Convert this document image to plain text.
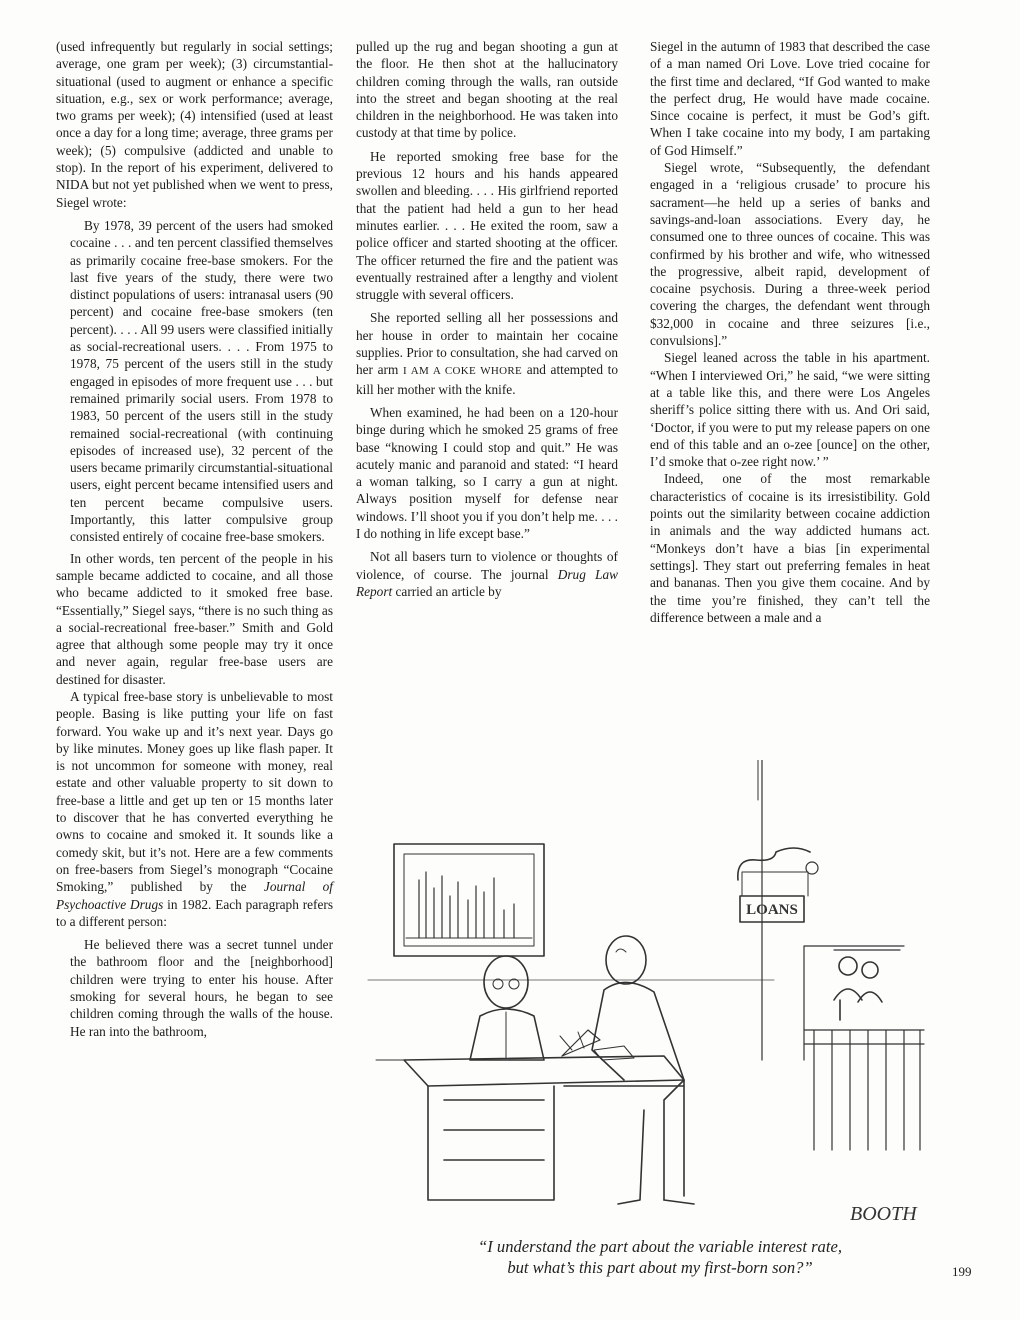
(used infrequently but regularly in social settings; average, one gram per week); (3) circumstantial-situational (used to augment or enhance a specific situation, e.g., sex or work performance; average, two grams per week); (4) intensified (used at least once a day for a long time; average, three grams per week); (5) compulsive (addicted and unable to stop). In the report of his experiment, delivered to NIDA but not yet published when we went to press, Siegel wrote:

By 1978, 39 percent of the users had smoked cocaine . . . and ten percent classified themselves as primarily cocaine free-base smokers. For the last five years of the study, there were two distinct populations of users: intranasal users (90 percent) and cocaine free-base smokers (ten percent). . . . All 99 users were classified initially as social-recreational users. . . . From 1975 to 1978, 75 percent of the users still in the study engaged in episodes of more frequent use . . . but remained primarily social users. From 1978 to 1983, 50 percent of the users still in the study remained social-recreational (with continuing episodes of increased use), 32 percent of the users became primarily circumstantial-situational users, eight percent became intensified users and ten percent became compulsive users. Importantly, this latter compulsive group consisted entirely of cocaine free-base smokers.

In other words, ten percent of the people in his sample became addicted to cocaine, and all those who became addicted to it smoked free base. “Essentially,” Siegel says, “there is no such thing as a social-recreational free-baser.” Smith and Gold agree that although some people may try it once and never again, regular free-base users are destined for disaster.

A typical free-base story is unbelievable to most people. Basing is like putting your life on fast forward. You wake up and it’s next year. Days go by like minutes. Money goes up like flash paper. It is not uncommon for someone with money, real estate and other valuable property to sit down to free-base a little and get up ten or 15 months later to discover that he has converted everything he owns to cocaine and smoked it. It sounds like a comedy skit, but it’s not. Here are a few comments on free-basers from Siegel’s monograph “Cocaine Smoking,” published by the Journal of Psychoactive Drugs in 1982. Each paragraph refers to a different person:

He believed there was a secret tunnel under the bathroom floor and the [neighborhood] children were trying to enter his house. After smoking for several hours, he began to see children coming through the walls of the house. He ran into the bathroom,

pulled up the rug and began shooting a gun at the floor. He then shot at the hallucinatory children coming through the walls, ran outside into the street and began shooting at the real children in the neighborhood. He was taken into custody at that time by police.

He reported smoking free base for the previous 12 hours and his hands appeared swollen and bleeding. . . . His girlfriend reported that the patient had held a gun to her head minutes earlier. . . . He exited the room, saw a police officer and started shooting at the officer. The officer returned the fire and the patient was eventually restrained after a lengthy and violent struggle with several officers.

She reported selling all her possessions and her house in order to maintain her cocaine supplies. Prior to consultation, she had carved on her arm I AM A COKE WHORE and attempted to kill her mother with the knife.

When examined, he had been on a 120-hour binge during which he smoked 25 grams of free base “knowing I could stop and quit.” He was acutely manic and paranoid and stated: “I heard a woman talking, so I carry a gun at night. Always position myself for defense near windows. I’ll shoot you if you don’t help me. . . . I do nothing in life except base.”

Not all basers turn to violence or thoughts of violence, of course. The journal Drug Law Report carried an article by

Siegel in the autumn of 1983 that described the case of a man named Ori Love. Love tried cocaine for the first time and declared, “If God wanted to make the perfect drug, He would have made cocaine. Since cocaine is perfect, it must be God’s gift. When I take cocaine into my body, I am partaking of God Himself.”

Siegel wrote, “Subsequently, the defendant engaged in a ‘religious crusade’ to procure his sacrament—he held up a series of banks and savings-and-loan associations. Every day, he consumed one to three ounces of cocaine. This was confirmed by his brother and wife, who witnessed the progressive, albeit rapid, development of cocaine psychosis. During a three-week period covering the charges, the defendant went through $32,000 in cocaine and three seizures [i.e., convulsions].”

Siegel leaned across the table in his apartment. “When I interviewed Ori,” he said, “we were sitting at a table like this, and there were Los Angeles sheriff’s police sitting there with us. And Ori said, ‘Doctor, if you were to put my release papers on one end of this table and an o-zee [ounce] on the other, I’d smoke that o-zee right now.’ ”

Indeed, one of the most remarkable characteristics of cocaine is its irresistibility. Gold points out the similarity between cocaine addiction in animals and the way addicted humans act. “Monkeys don’t have a bias [in experimental settings]. They start out preferring females in heat and bananas. Then you give them cocaine. And by the time you’re finished, they can’t tell the difference between a male and a

LOANS
BOOTH
“I understand the part about the variable interest rate,
but what’s this part about my first-born son?”	199
